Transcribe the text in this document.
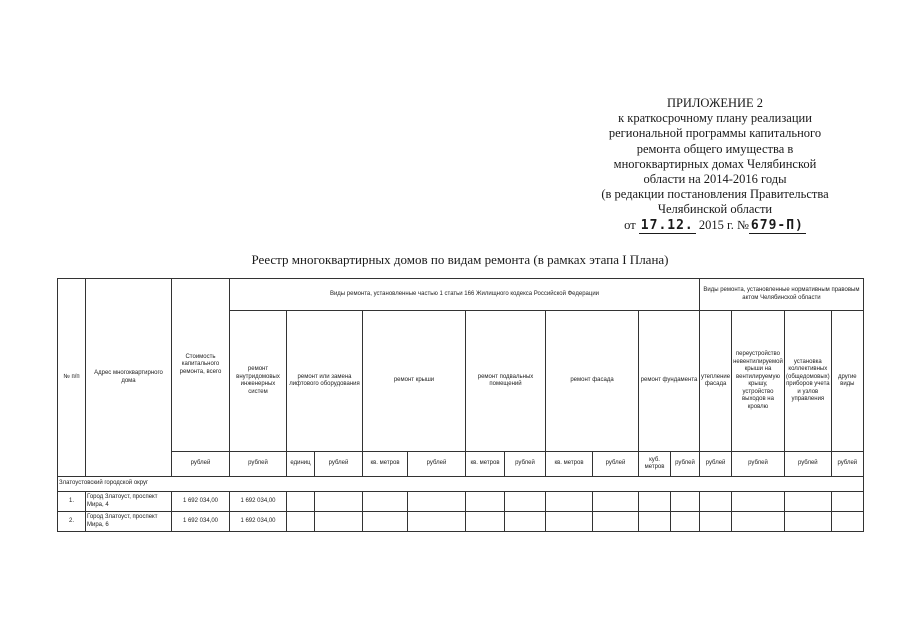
ПРИЛОЖЕНИЕ 2
к краткосрочному плану реализации
региональной программы капитального
ремонта общего имущества в
многоквартирных домах Челябинской
области на 2014-2016 годы
(в редакции постановления Правительства
Челябинской области
от 17.12. 2015 г. № 679-П)
Реестр многоквартирных домов по видам ремонта (в рамках этапа I Плана)
№ п/п	Адрес многоквартирного дома	Стоимость капитального ремонта, всего	Виды ремонта, установленные частью 1 статьи 166 Жилищного кодекса Российской Федерации											Виды ремонта, установленные нормативным правовым актом Челябинской области			
			ремонт внутридомовых инженерных систем	ремонт или замена лифтового оборудования		ремонт крыши		ремонт подвальных помещений		ремонт фасада		ремонт фундамента		утепление фасада	переустройство невентилируемой крыши на вентилируемую крышу, устройство выходов на кровлю	установка коллективных (общедомовых) приборов учета и узлов управления	другие виды
		рублей	рублей	единиц	рублей	кв. метров	рублей	кв. метров	рублей	кв. метров	рублей	куб. метров	рублей	рублей	рублей	рублей	рублей
Златоустовский городской округ																	
1.	Город Златоуст, проспект Мира, 4	1 692 034,00	1 692 034,00														
2.	Город Златоуст, проспект Мира, 6	1 692 034,00	1 692 034,00														
